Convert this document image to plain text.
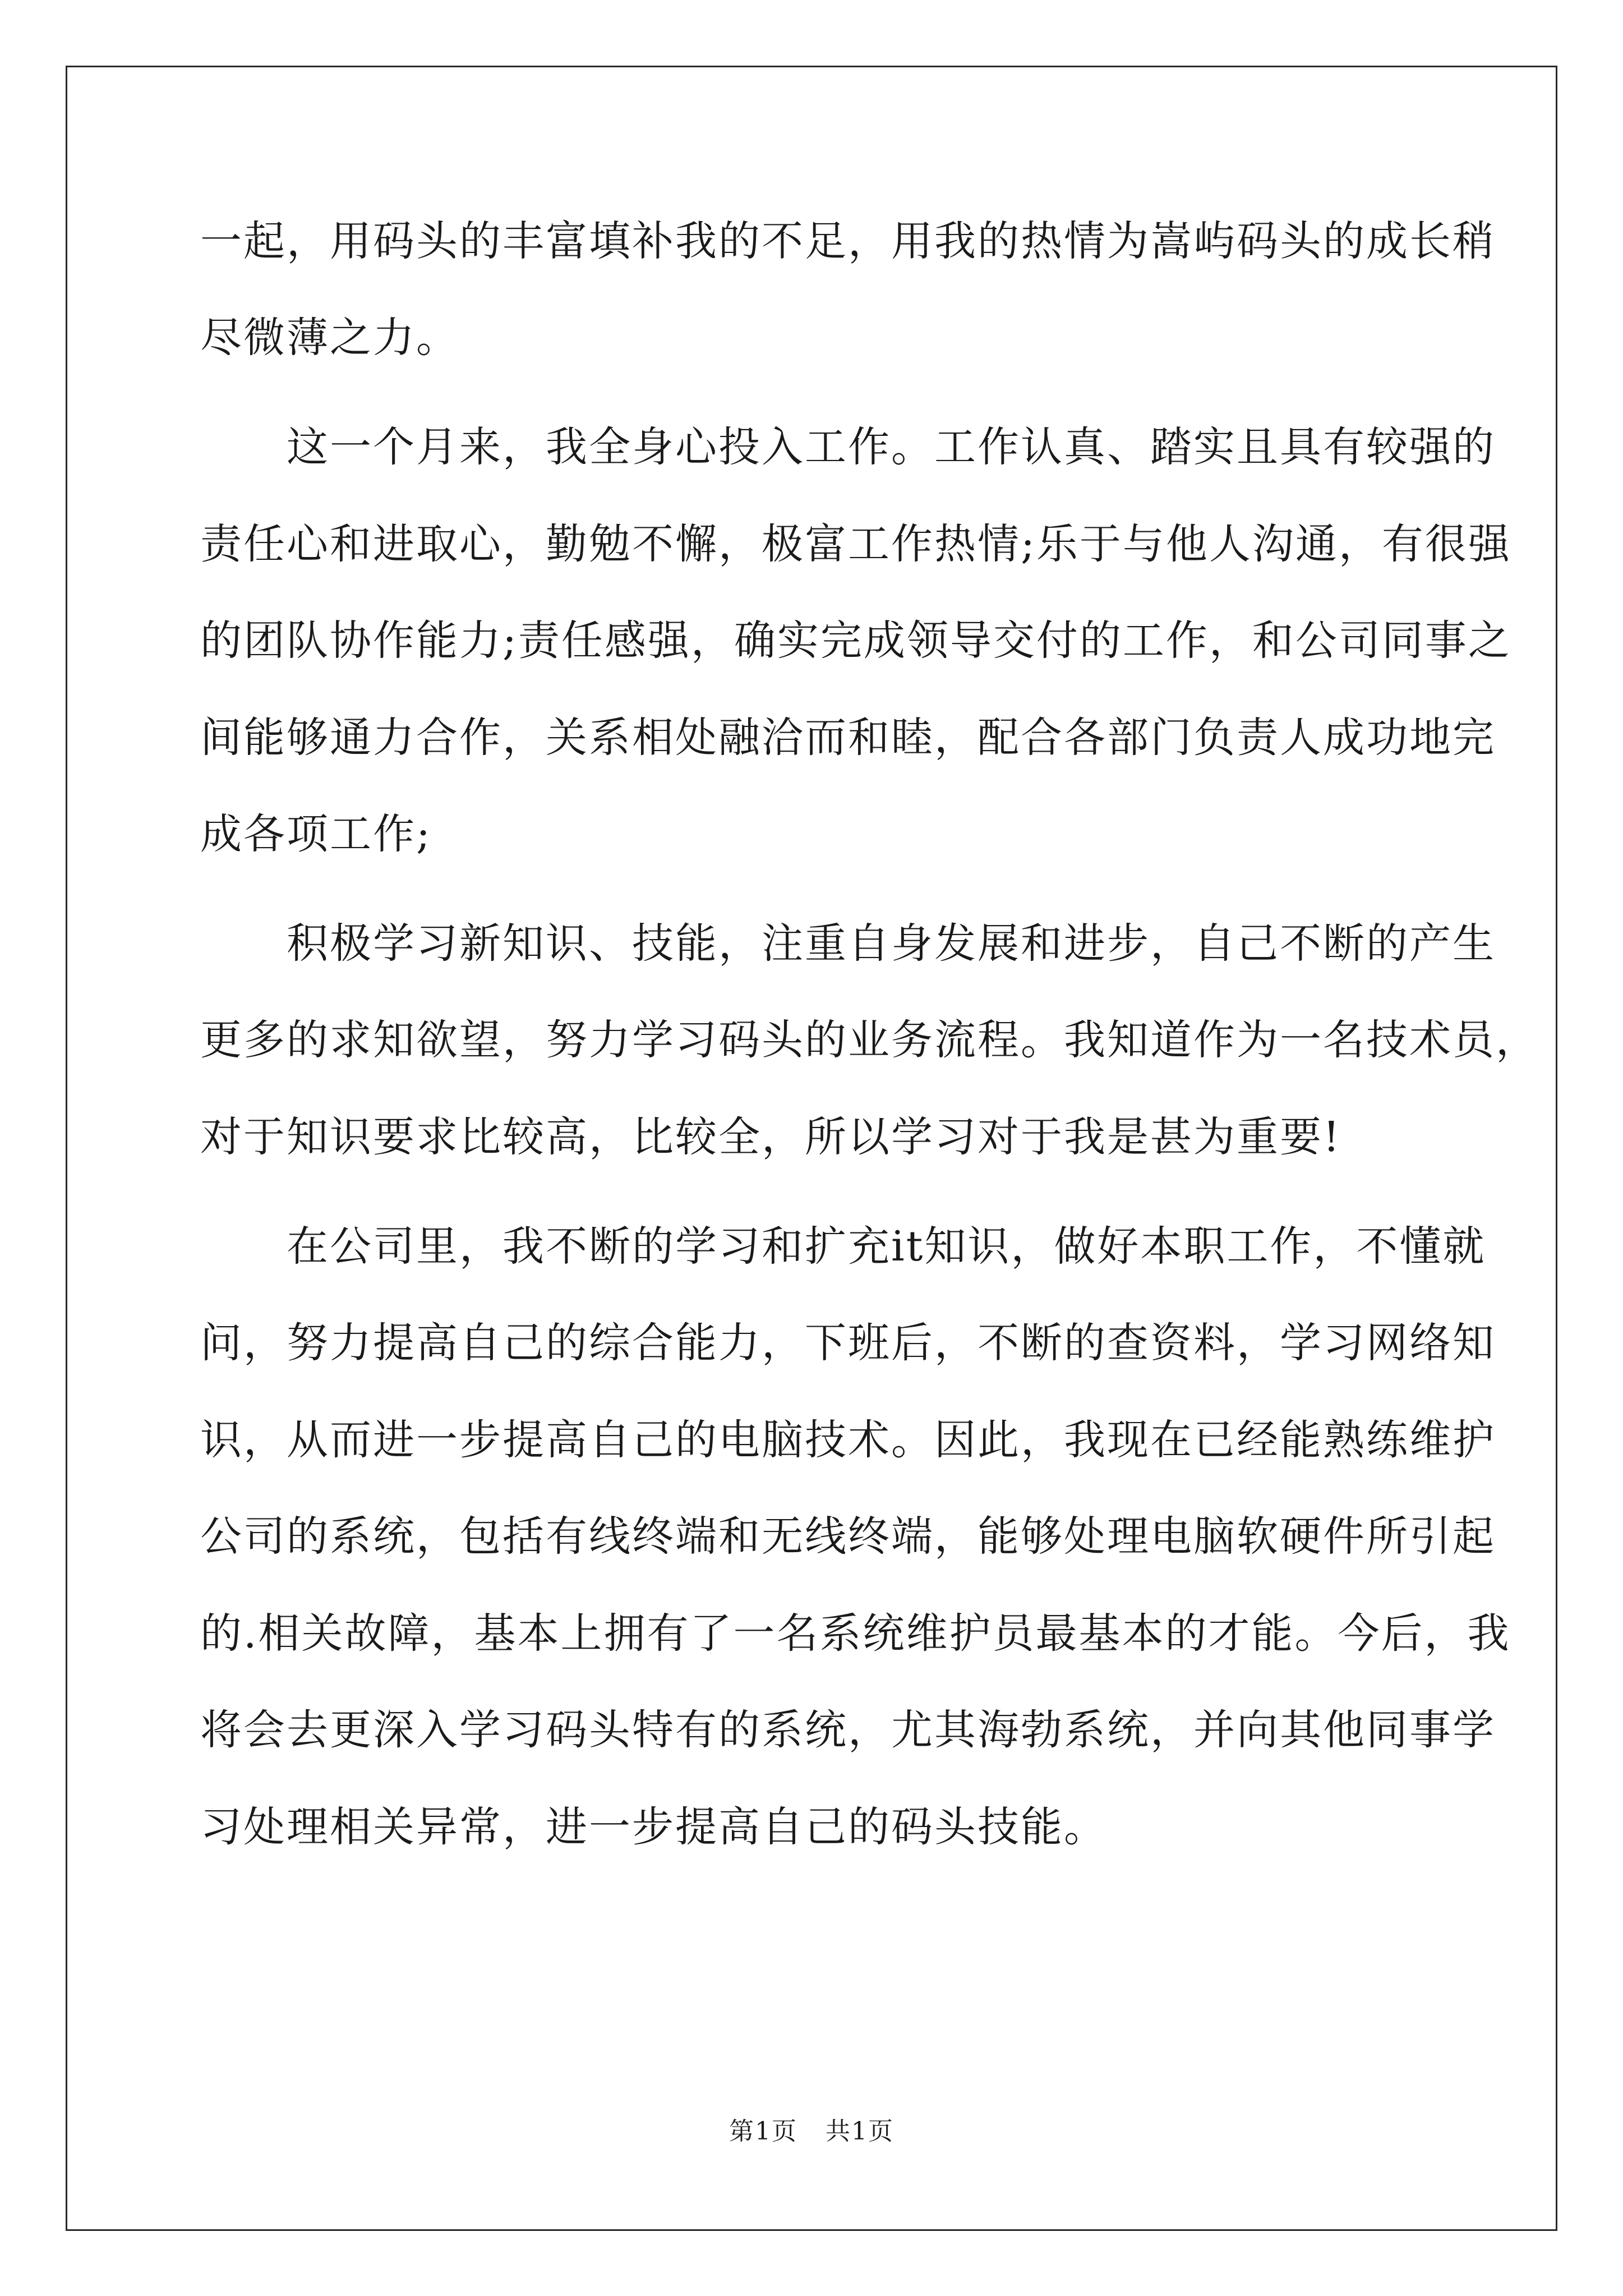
一起，用码头的丰富填补我的不足，用我的热情为嵩屿码头的成长稍
尽微薄之力。
　　这一个月来，我全身心投入工作。工作认真、踏实且具有较强的
责任心和进取心，勤勉不懈，极富工作热情;乐于与他人沟通，有很强
的团队协作能力;责任感强，确实完成领导交付的工作，和公司同事之
间能够通力合作，关系相处融洽而和睦，配合各部门负责人成功地完
成各项工作;
　　积极学习新知识、技能，注重自身发展和进步，自己不断的产生
更多的求知欲望，努力学习码头的业务流程。我知道作为一名技术员，
对于知识要求比较高，比较全，所以学习对于我是甚为重要!
　　在公司里，我不断的学习和扩充it知识，做好本职工作，不懂就
问，努力提高自己的综合能力，下班后，不断的查资料，学习网络知
识，从而进一步提高自己的电脑技术。因此，我现在已经能熟练维护
公司的系统，包括有线终端和无线终端，能够处理电脑软硬件所引起
的.相关故障，基本上拥有了一名系统维护员最基本的才能。今后，我
将会去更深入学习码头特有的系统，尤其海勃系统，并向其他同事学
习处理相关异常，进一步提高自己的码头技能。
第1页 共1页
